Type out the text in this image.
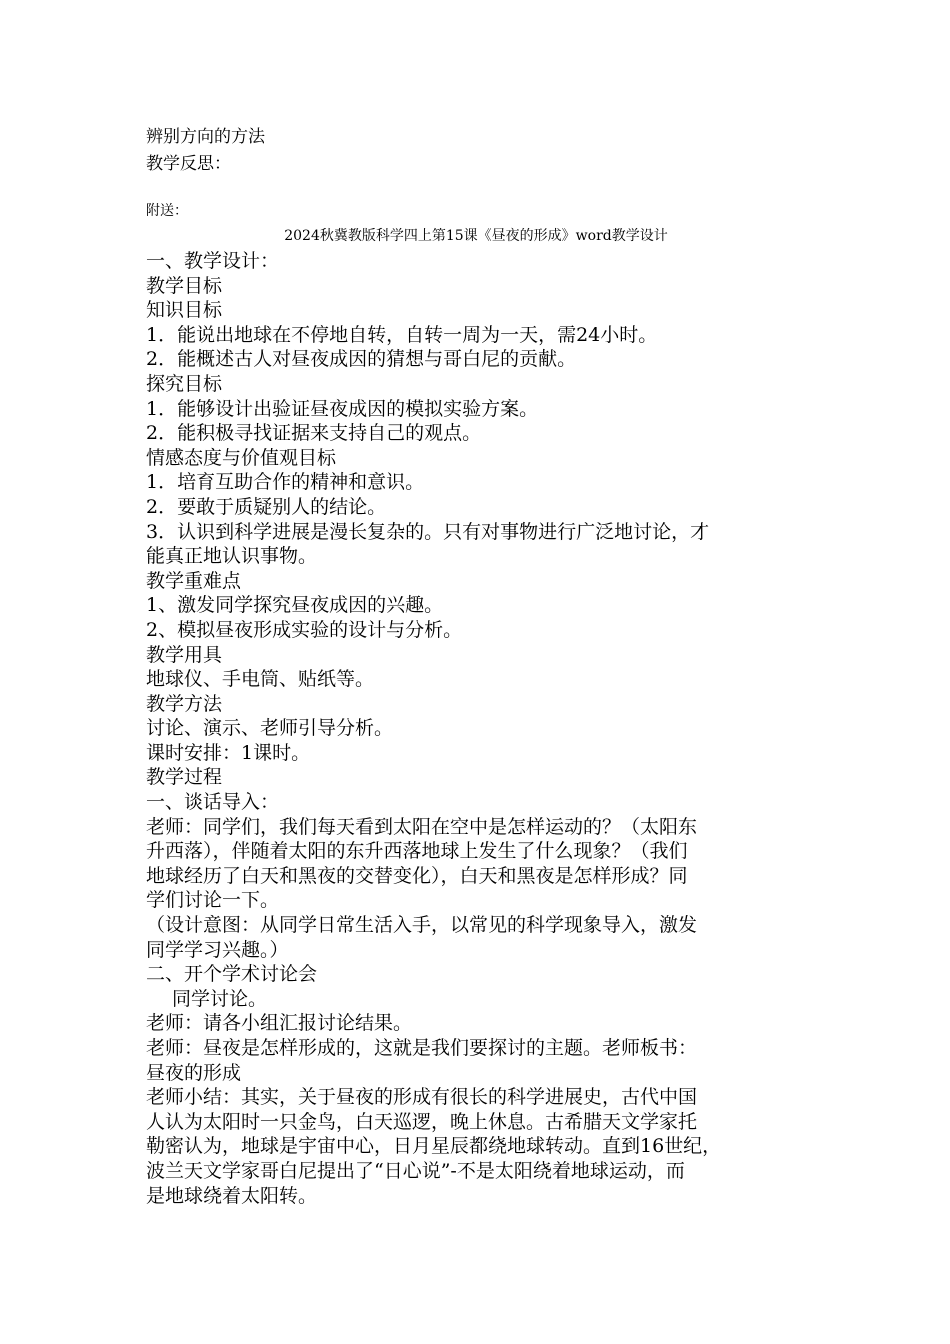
辨别方向的方法
教学反思：
附送：
2024秋冀教版科学四上第15课《昼夜的形成》word教学设计
一、教学设计：
教学目标
知识目标
1．能说出地球在不停地自转，自转一周为一天，需24小时。
2．能概述古人对昼夜成因的猜想与哥白尼的贡献。
探究目标
1．能够设计出验证昼夜成因的模拟实验方案。
2．能积极寻找证据来支持自己的观点。
情感态度与价值观目标
1．培育互助合作的精神和意识。
2．要敢于质疑别人的结论。
3．认识到科学进展是漫长复杂的。只有对事物进行广泛地讨论，才
能真正地认识事物。
教学重难点
1、激发同学探究昼夜成因的兴趣。
2、模拟昼夜形成实验的设计与分析。
教学用具
地球仪、手电筒、贴纸等。
教学方法
讨论、演示、老师引导分析。
课时安排：1课时。
教学过程
一、谈话导入：
老师：同学们，我们每天看到太阳在空中是怎样运动的？（太阳东
升西落），伴随着太阳的东升西落地球上发生了什么现象？（我们
地球经历了白天和黑夜的交替变化），白天和黑夜是怎样形成？同
学们讨论一下。
（设计意图：从同学日常生活入手，以常见的科学现象导入，激发
同学学习兴趣。）
二、开个学术讨论会
同学讨论。
老师：请各小组汇报讨论结果。
老师：昼夜是怎样形成的，这就是我们要探讨的主题。老师板书：
昼夜的形成
老师小结：其实，关于昼夜的形成有很长的科学进展史，古代中国
人认为太阳时一只金鸟，白天巡逻，晚上休息。古希腊天文学家托
勒密认为，地球是宇宙中心，日月星辰都绕地球转动。直到16世纪，
波兰天文学家哥白尼提出了“日心说”-不是太阳绕着地球运动，而
是地球绕着太阳转。
